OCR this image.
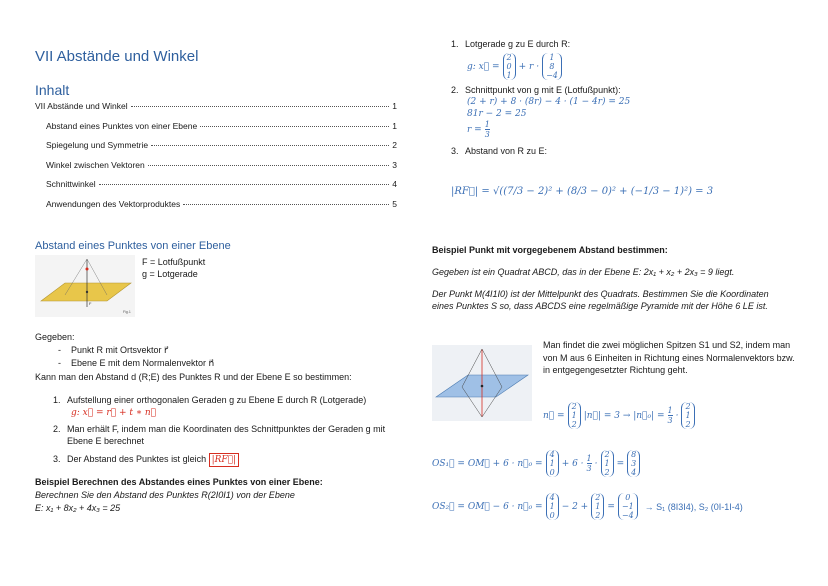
VII Abstände und Winkel
Inhalt
VII Abstände und Winkel	1
Abstand eines Punktes von einer Ebene	1
Spiegelung und Symmetrie	2
Winkel zwischen Vektoren	3
Schnittwinkel	4
Anwendungen des Vektorproduktes	5
Abstand eines Punktes von einer Ebene
F
Fig.1
F = Lotfußpunkt
g = Lotgerade
Gegeben:
-    Punkt R mit Ortsvektor r⃗
-    Ebene E mit dem Normalenvektor n⃗
Kann man den Abstand d (R;E) des Punktes R und der Ebene E so bestimmen:
1. Aufstellung einer orthogonalen Geraden g zu Ebene E durch R (Lotgerade)
g: x⃗ = r⃗ + t ∗ n⃗
2. Man erhält F, indem man die Koordinaten des Schnittpunktes der Geraden g mit Ebene E berechnet
3. Der Abstand des Punktes ist gleich
|RF⃗|
Beispiel Berechnen des Abstandes eines Punktes von einer Ebene:
Berechnen Sie den Abstand des Punktes R(2I0I1) von der Ebene
E: x₁ + 8x₂ + 4x₃ = 25
1. Lotgerade g zu E durch R:
g: x⃗ =
2
0
1
+ r ·
1
8
−4
2. Schnittpunkt von g mit E (Lotfußpunkt):
(2 + r) + 8 · (8r) − 4 · (1 − 4r) = 25
81r − 2 = 25
$r = \frac{1}{3}$
3. Abstand von R zu E:
|RF⃗| = √((7/3 − 2)² + (8/3 − 0)² + (−1/3 − 1)²) = 3
Beispiel Punkt mit vorgegebenem Abstand bestimmen:
Gegeben ist ein Quadrat ABCD, das in der Ebene E: 2x₁ + x₂ + 2x₃ = 9 liegt.
Der Punkt M(4I1I0) ist der Mittelpunkt des Quadrats. Bestimmen Sie die Koordinaten eines Punktes S so, dass ABCDS eine regelmäßige Pyramide mit der Höhe 6 LE ist.
Man findet die zwei möglichen Spitzen S1 und S2, indem man von M aus 6 Einheiten in Richtung eines Normalenvektors bzw. in entgegengesetzter Richtung geht.
n⃗ =
2
1
2
|n⃗| = 3 → |n⃗₀| = $\frac{1}{3}$ ·
2
1
2
OS₁⃗ = OM⃗ + 6 · n⃗₀ =
4
1
0
+ $6 \cdot \frac{1}{3}$ ·
2
1
2
=
8
3
4
OS₂⃗ = OM⃗ − 6 · n⃗₀ =
4
1
0
− 2 +
2
1
2
=
0
−1
−4
→ S₁ (8I3I4), S₂ (0I-1I-4)
